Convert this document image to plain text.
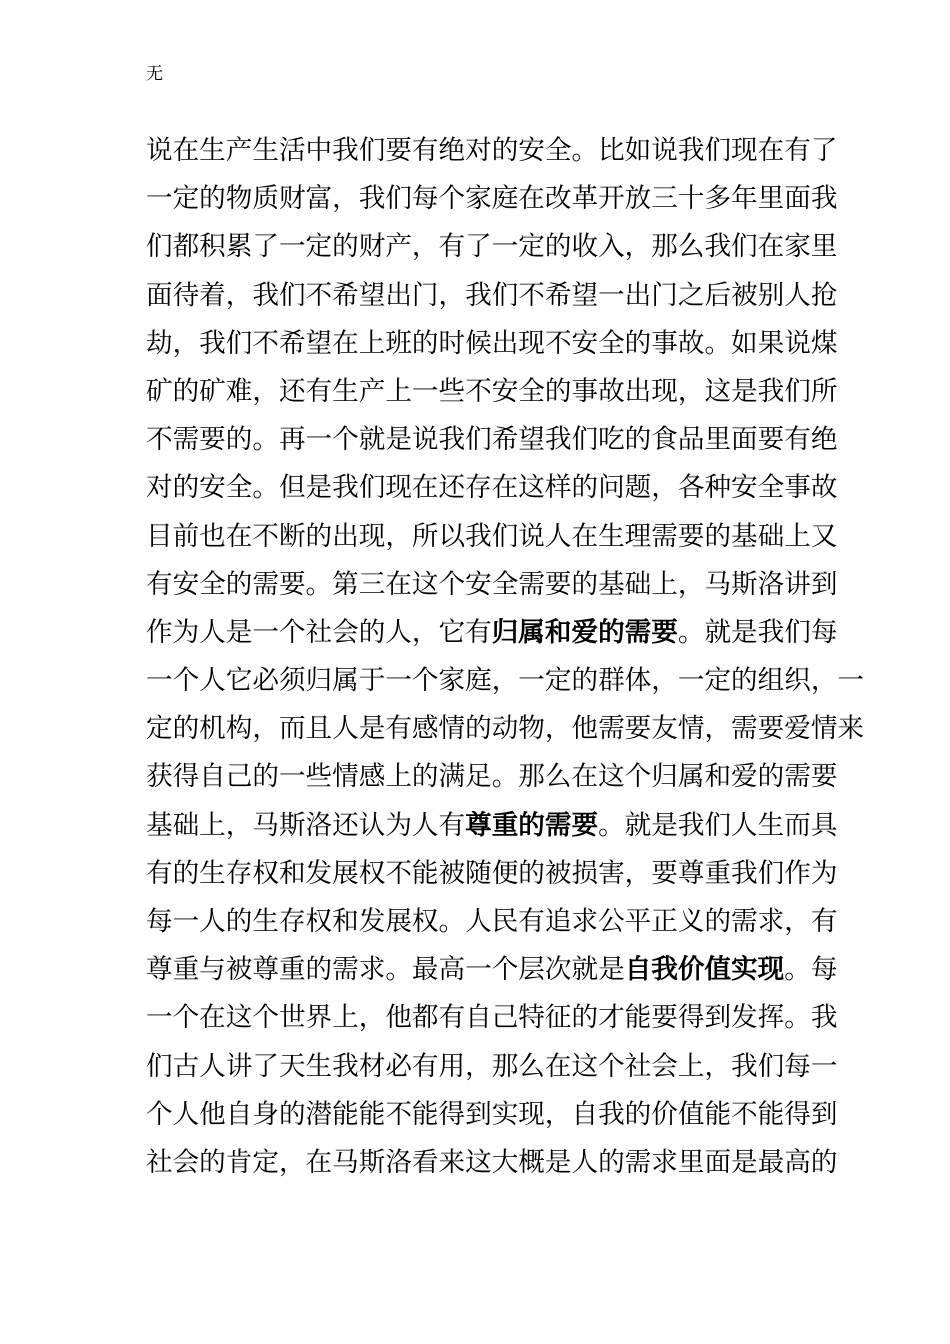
无
说在生产生活中我们要有绝对的安全。比如说我们现在有了
一定的物质财富，我们每个家庭在改革开放三十多年里面我
们都积累了一定的财产，有了一定的收入，那么我们在家里
面待着，我们不希望出门，我们不希望一出门之后被别人抢
劫，我们不希望在上班的时候出现不安全的事故。如果说煤
矿的矿难，还有生产上一些不安全的事故出现，这是我们所
不需要的。再一个就是说我们希望我们吃的食品里面要有绝
对的安全。但是我们现在还存在这样的问题，各种安全事故
目前也在不断的出现，所以我们说人在生理需要的基础上又
有安全的需要。第三在这个安全需要的基础上，马斯洛讲到
作为人是一个社会的人，它有归属和爱的需要。就是我们每
一个人它必须归属于一个家庭，一定的群体，一定的组织，一
定的机构，而且人是有感情的动物，他需要友情，需要爱情来
获得自己的一些情感上的满足。那么在这个归属和爱的需要
基础上，马斯洛还认为人有尊重的需要。就是我们人生而具
有的生存权和发展权不能被随便的被损害，要尊重我们作为
每一人的生存权和发展权。人民有追求公平正义的需求，有
尊重与被尊重的需求。最高一个层次就是自我价值实现。每
一个在这个世界上，他都有自己特征的才能要得到发挥。我
们古人讲了天生我材必有用，那么在这个社会上，我们每一
个人他自身的潜能能不能得到实现，自我的价值能不能得到
社会的肯定，在马斯洛看来这大概是人的需求里面是最高的
